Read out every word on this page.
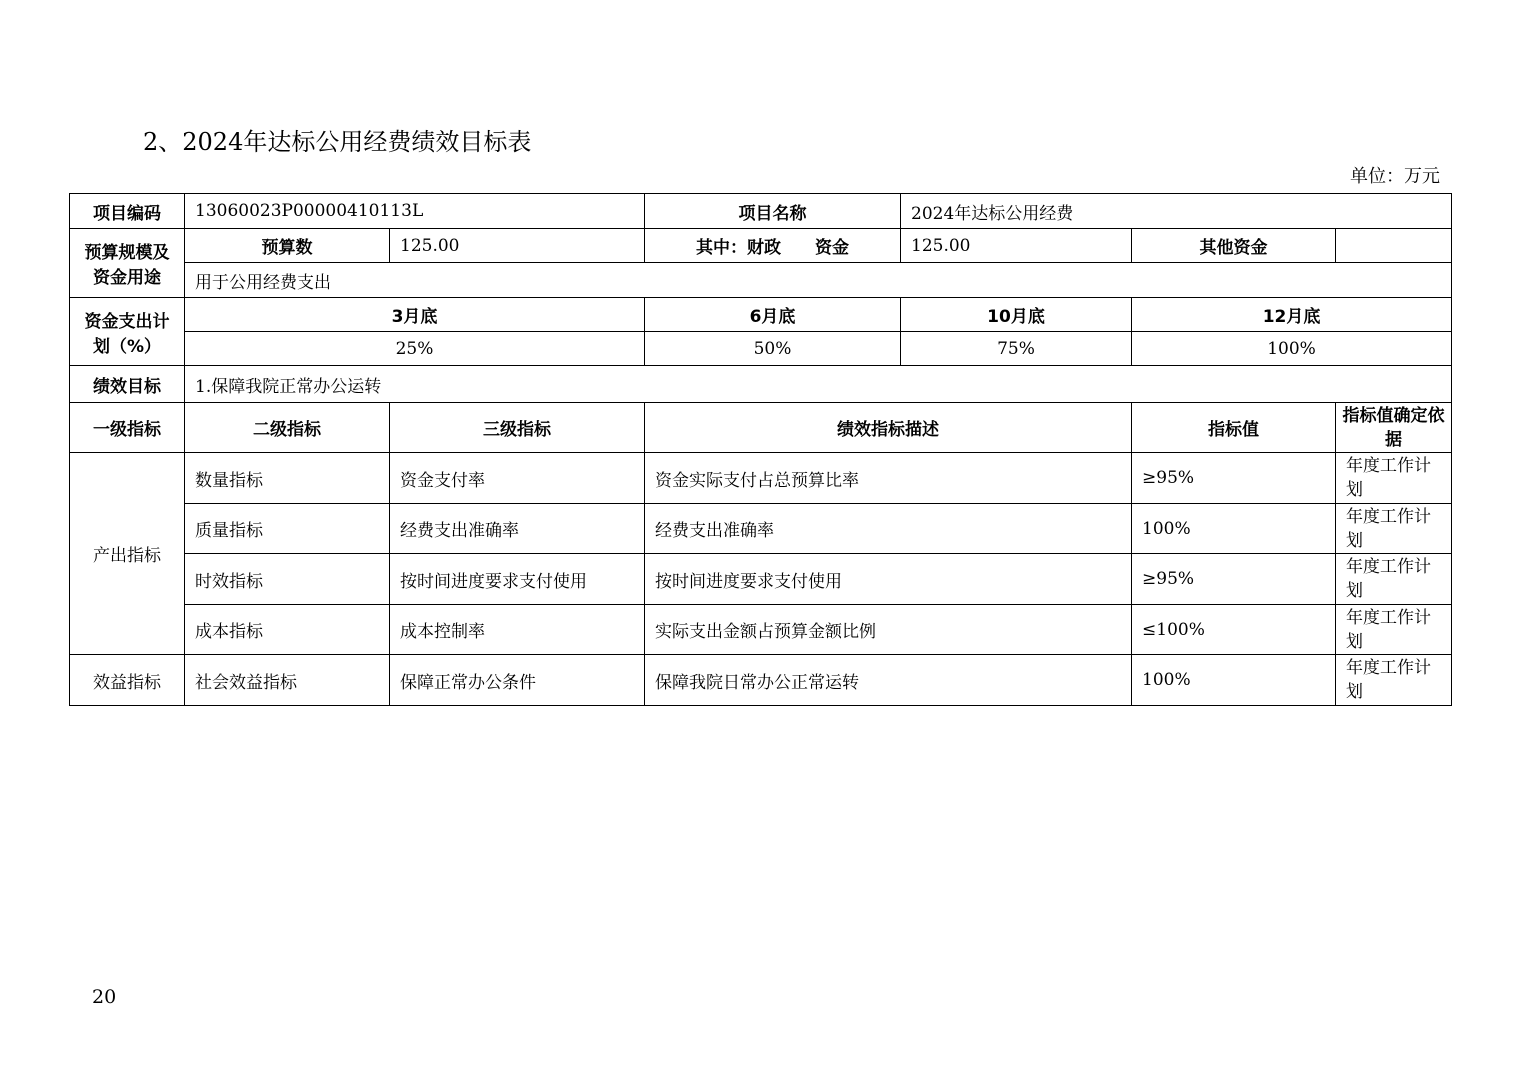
2、2024年达标公用经费绩效目标表
单位：万元
项目编码	13060023P00000410113L		项目名称	2024年达标公用经费		
预算规模及资金用途	预算数	125.00	其中：财政　　资金	125.00	其他资金	
	用于公用经费支出					
资金支出计划（%）	3月底		6月底	10月底	12月底	
	25%		50%	75%	100%	
绩效目标	1.保障我院正常办公运转					
一级指标	二级指标	三级指标	绩效指标描述		指标值	指标值确定依据
产出指标	数量指标	资金支付率	资金实际支付占总预算比率		≥95%	年度工作计划
	质量指标	经费支出准确率	经费支出准确率		100%	年度工作计划
	时效指标	按时间进度要求支付使用	按时间进度要求支付使用		≥95%	年度工作计划
	成本指标	成本控制率	实际支出金额占预算金额比例		≤100%	年度工作计划
效益指标	社会效益指标	保障正常办公条件	保障我院日常办公正常运转		100%	年度工作计划
20
